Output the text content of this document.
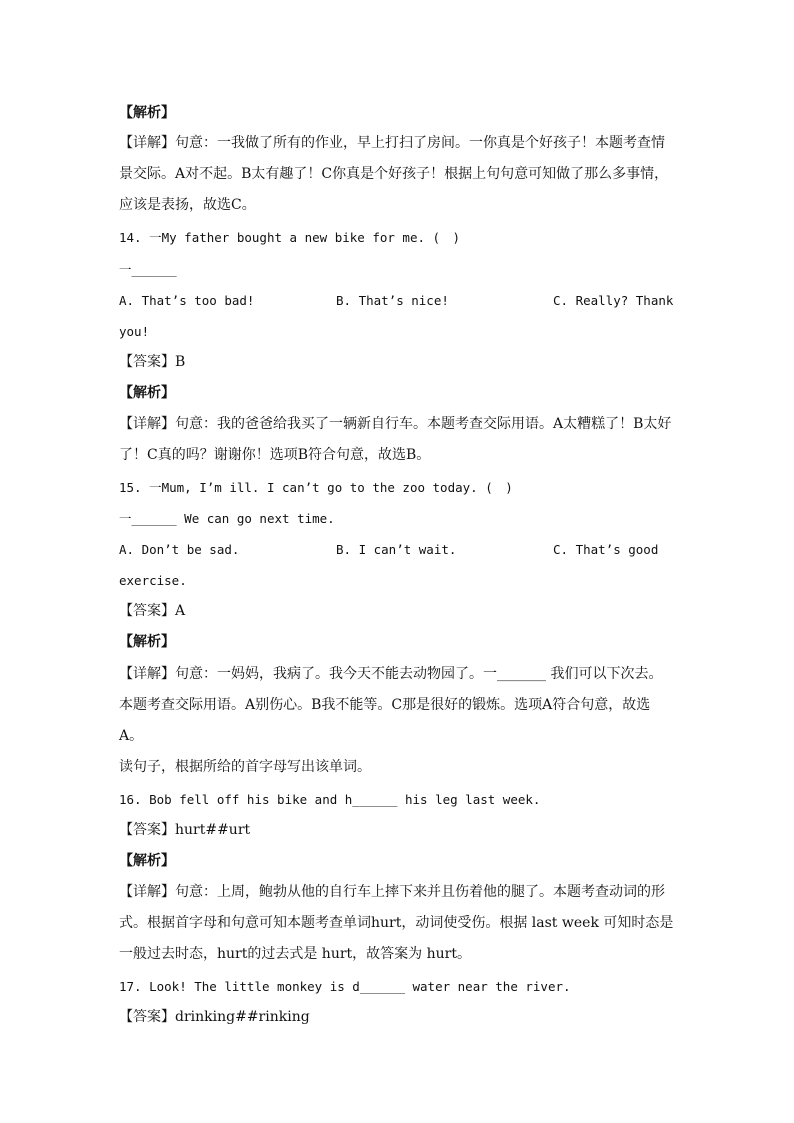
【解析】
【详解】句意：一我做了所有的作业，早上打扫了房间。一你真是个好孩子！本题考查情
景交际。A对不起。B太有趣了！C你真是个好孩子！根据上句句意可知做了那么多事情，
应该是表扬，故选C。
14. 一My father bought a new bike for me. (　)
一______
A. That’s too bad!	B. That’s nice!	C. Really? Thank
you!
【答案】B
【解析】
【详解】句意：我的爸爸给我买了一辆新自行车。本题考查交际用语。A太糟糕了！B太好
了！C真的吗？谢谢你！选项B符合句意，故选B。
15. 一Mum, I’m ill. I can’t go to the zoo today. (　)
一______ We can go next time.
A. Don’t be sad.	B. I can’t wait.	C. That’s good
exercise.
【答案】A
【解析】
【详解】句意：一妈妈，我病了。我今天不能去动物园了。一_______ 我们可以下次去。
本题考查交际用语。A别伤心。B我不能等。C那是很好的锻炼。选项A符合句意，故选
A。
读句子，根据所给的首字母写出该单词。
16. Bob fell off his bike and h______ his leg last week.
【答案】hurt##urt
【解析】
【详解】句意：上周，鲍勃从他的自行车上摔下来并且伤着他的腿了。本题考查动词的形
式。根据首字母和句意可知本题考查单词hurt，动词使受伤。根据 last week 可知时态是
一般过去时态，hurt的过去式是 hurt，故答案为 hurt。
17. Look! The little monkey is d______ water near the river.
【答案】drinking##rinking
